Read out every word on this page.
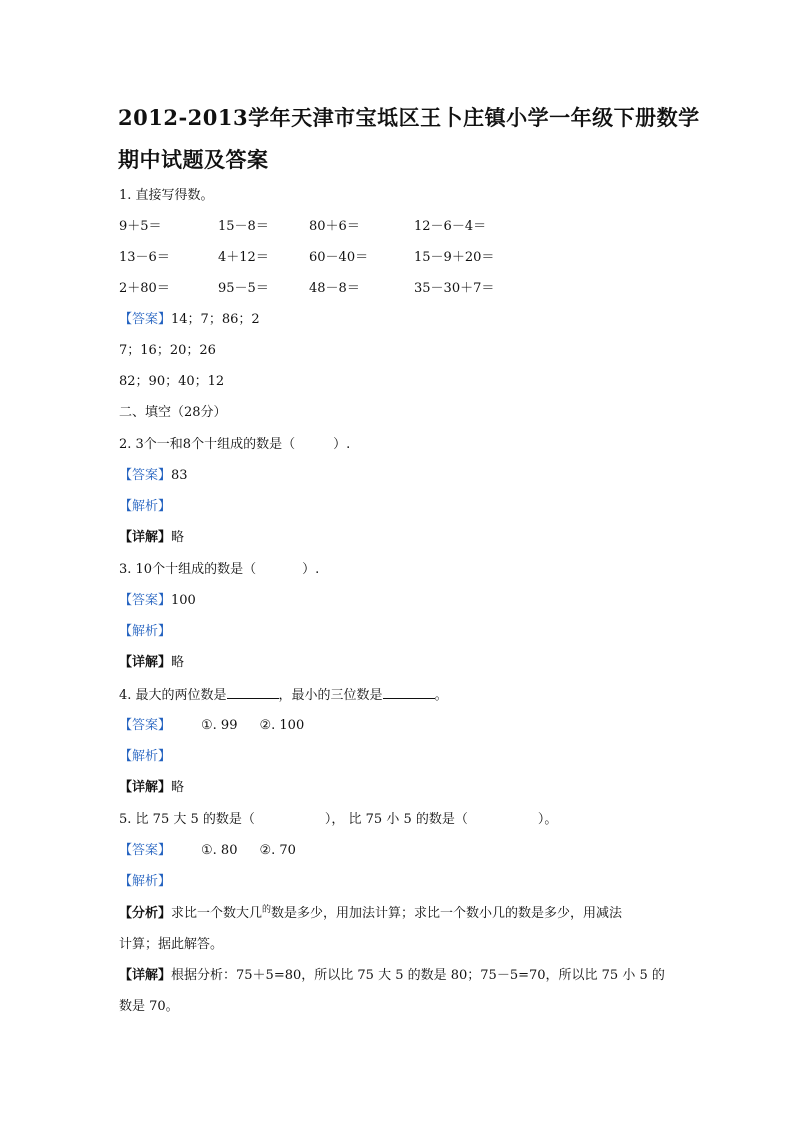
2012-2013学年天津市宝坻区王卜庄镇小学一年级下册数学
期中试题及答案
1. 直接写得数。
9＋5＝	15－8＝	80＋6＝	12－6－4＝
13－6＝	4＋12＝	60－40＝	15－9＋20＝
2＋80＝	95－5＝	48－8＝	35－30＋7＝
【答案】14；7；86；2
7；16；20；26
82；90；40；12
二、填空（28分）
2. 3个一和8个十组成的数是（	）.
【答案】83
【解析】
【详解】略
3. 10个十组成的数是（	）.
【答案】100
【解析】
【详解】略
4. 最大的两位数是	，最小的三位数是	。
【答案】 ①. 99 ②. 100
【解析】
【详解】略
5. 比 75 大 5 的数是（	）， 比 75 小 5 的数是（	）。
【答案】 ①. 80 ②. 70
【解析】
【分析】求比一个数大几$^的$数是多少，用加法计算；求比一个数小几的数是多少，用减法
计算；据此解答。
【详解】根据分析：75＋5=80，所以比 75 大 5 的数是 80；75－5=70，所以比 75 小 5 的
数是 70。
